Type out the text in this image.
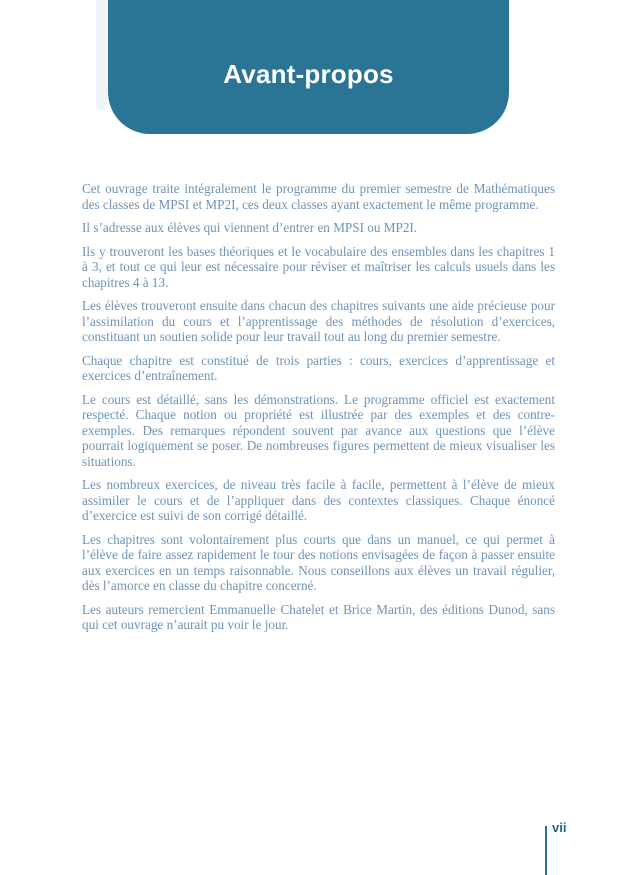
Avant-propos

Cet ouvrage traite intégralement le programme du premier semestre de Mathématiques des classes de MPSI et MP2I, ces deux classes ayant exactement le même programme.

Il s’adresse aux élèves qui viennent d’entrer en MPSI ou MP2I.

Ils y trouveront les bases théoriques et le vocabulaire des ensembles dans les chapitres 1 à 3, et tout ce qui leur est nécessaire pour réviser et maîtriser les calculs usuels dans les chapitres 4 à 13.

Les élèves trouveront ensuite dans chacun des chapitres suivants une aide précieuse pour l’assimilation du cours et l’apprentissage des méthodes de résolution d’exercices, constituant un soutien solide pour leur travail tout au long du premier semestre.

Chaque chapitre est constitué de trois parties : cours, exercices d’apprentissage et exercices d’entraînement.

Le cours est détaillé, sans les démonstrations. Le programme officiel est exactement respecté. Chaque notion ou propriété est illustrée par des exemples et des contre-exemples. Des remarques répondent souvent par avance aux questions que l’élève pourrait logiquement se poser. De nombreuses figures permettent de mieux visualiser les situations.

Les nombreux exercices, de niveau très facile à facile, permettent à l’élève de mieux assimiler le cours et de l’appliquer dans des contextes classiques. Chaque énoncé d’exercice est suivi de son corrigé détaillé.

Les chapitres sont volontairement plus courts que dans un manuel, ce qui permet à l’élève de faire assez rapidement le tour des notions envisagées de façon à passer ensuite aux exercices en un temps raisonnable. Nous conseillons aux élèves un travail régulier, dès l’amorce en classe du chapitre concerné.

Les auteurs remercient Emmanuelle Chatelet et Brice Martin, des éditions Dunod, sans qui cet ouvrage n’aurait pu voir le jour.

vii
